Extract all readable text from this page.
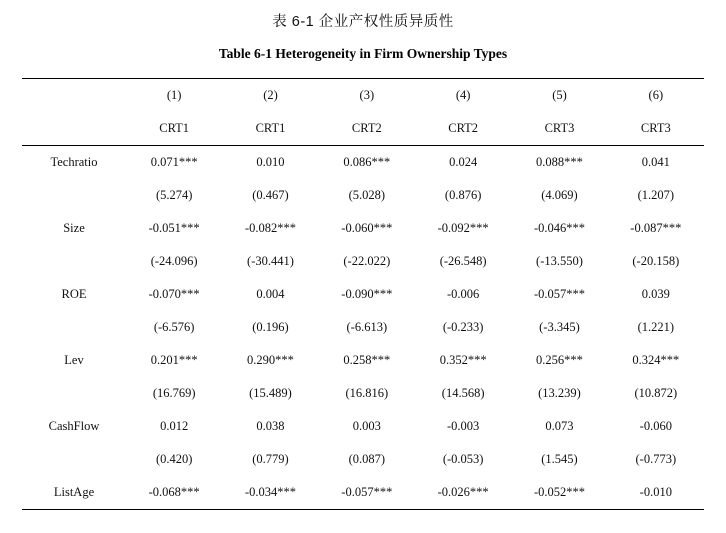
表 6-1 企业产权性质异质性
Table 6-1 Heterogeneity in Firm Ownership Types
	(1)	(2)	(3)	(4)	(5)	(6)
	CRT1	CRT1	CRT2	CRT2	CRT3	CRT3
Techratio	0.071***	0.010	0.086***	0.024	0.088***	0.041
	(5.274)	(0.467)	(5.028)	(0.876)	(4.069)	(1.207)
Size	-0.051***	-0.082***	-0.060***	-0.092***	-0.046***	-0.087***
	(-24.096)	(-30.441)	(-22.022)	(-26.548)	(-13.550)	(-20.158)
ROE	-0.070***	0.004	-0.090***	-0.006	-0.057***	0.039
	(-6.576)	(0.196)	(-6.613)	(-0.233)	(-3.345)	(1.221)
Lev	0.201***	0.290***	0.258***	0.352***	0.256***	0.324***
	(16.769)	(15.489)	(16.816)	(14.568)	(13.239)	(10.872)
CashFlow	0.012	0.038	0.003	-0.003	0.073	-0.060
	(0.420)	(0.779)	(0.087)	(-0.053)	(1.545)	(-0.773)
ListAge	-0.068***	-0.034***	-0.057***	-0.026***	-0.052***	-0.010
